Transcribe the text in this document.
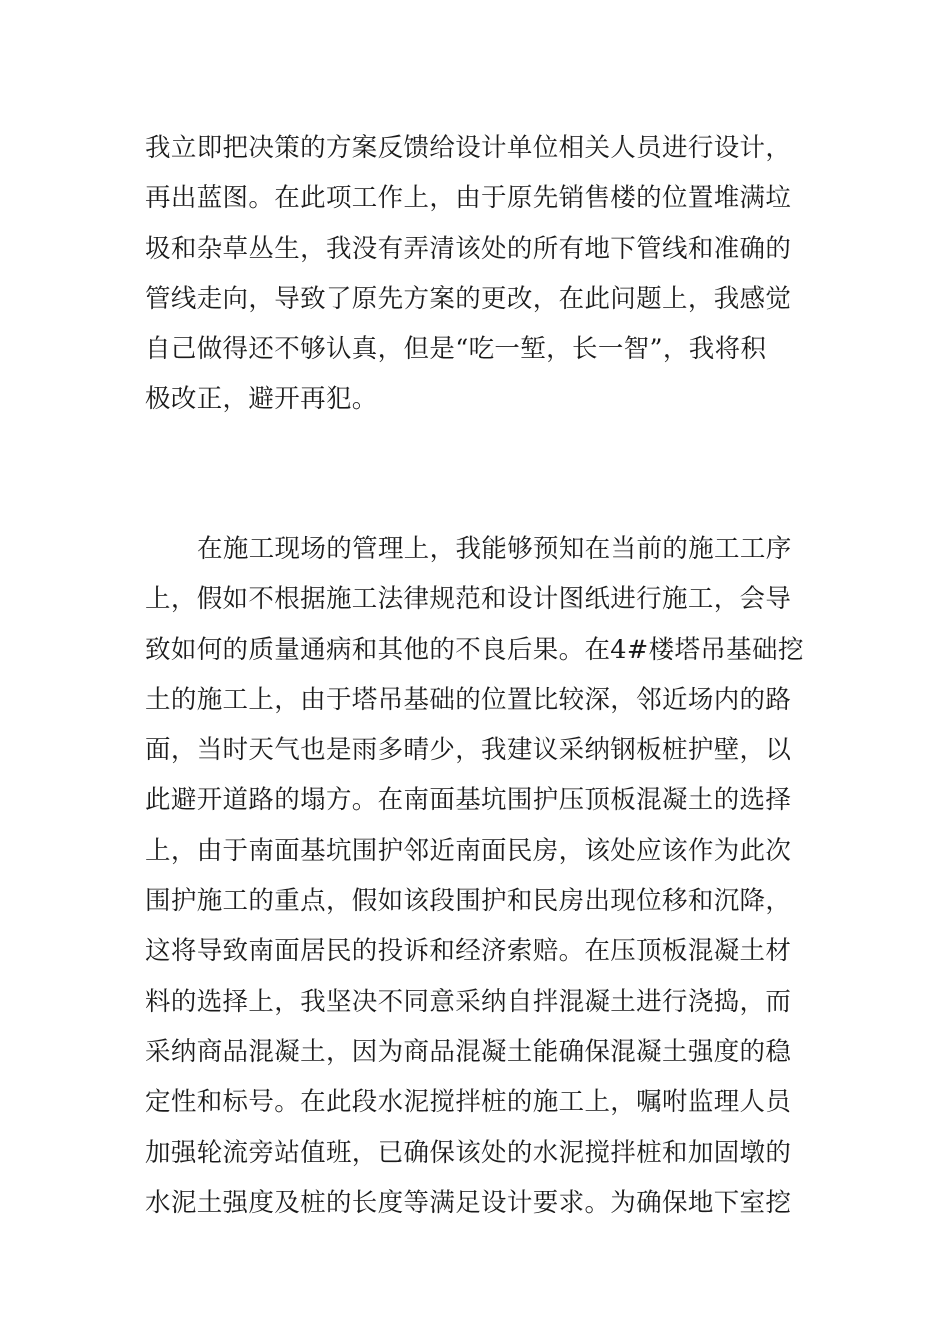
我立即把决策的方案反馈给设计单位相关人员进行设计，
再出蓝图。在此项工作上，由于原先销售楼的位置堆满垃
圾和杂草丛生，我没有弄清该处的所有地下管线和准确的
管线走向，导致了原先方案的更改，在此问题上，我感觉
自己做得还不够认真，但是“吃一堑，长一智”，我将积
极改正，避开再犯。
在施工现场的管理上，我能够预知在当前的施工工序
上，假如不根据施工法律规范和设计图纸进行施工，会导
致如何的质量通病和其他的不良后果。在4#楼塔吊基础挖
土的施工上，由于塔吊基础的位置比较深，邻近场内的路
面，当时天气也是雨多晴少，我建议采纳钢板桩护壁，以
此避开道路的塌方。在南面基坑围护压顶板混凝土的选择
上，由于南面基坑围护邻近南面民房，该处应该作为此次
围护施工的重点，假如该段围护和民房出现位移和沉降，
这将导致南面居民的投诉和经济索赔。在压顶板混凝土材
料的选择上，我坚决不同意采纳自拌混凝土进行浇捣，而
采纳商品混凝土，因为商品混凝土能确保混凝土强度的稳
定性和标号。在此段水泥搅拌桩的施工上，嘱咐监理人员
加强轮流旁站值班，已确保该处的水泥搅拌桩和加固墩的
水泥土强度及桩的长度等满足设计要求。为确保地下室挖
